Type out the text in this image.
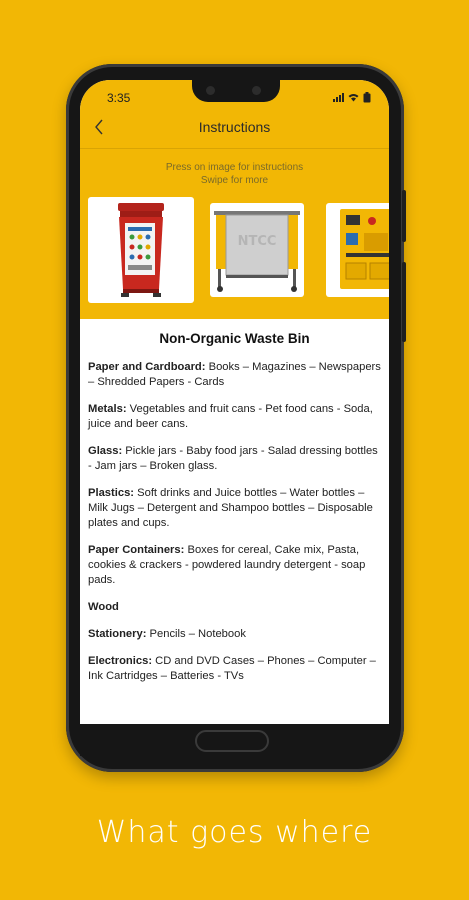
3:35
Instructions
Press on image for instructions
Swipe for more
NTCC
Non-Organic Waste Bin

Paper and Cardboard: Books – Magazines – Newspapers – Shredded Papers - Cards

Metals: Vegetables and fruit cans - Pet food cans - Soda, juice and beer cans.

Glass: Pickle jars - Baby food jars - Salad dressing bottles - Jam jars – Broken glass.

Plastics: Soft drinks and Juice bottles – Water bottles – Milk Jugs – Detergent and Shampoo bottles – Disposable plates and cups.

Paper Containers: Boxes for cereal, Cake mix, Pasta, cookies & crackers - powdered laundry detergent - soap pads.

Wood

Stationery: Pencils – Notebook

Electronics: CD and DVD Cases – Phones – Computer – Ink Cartridges – Batteries - TVs

What goes where
